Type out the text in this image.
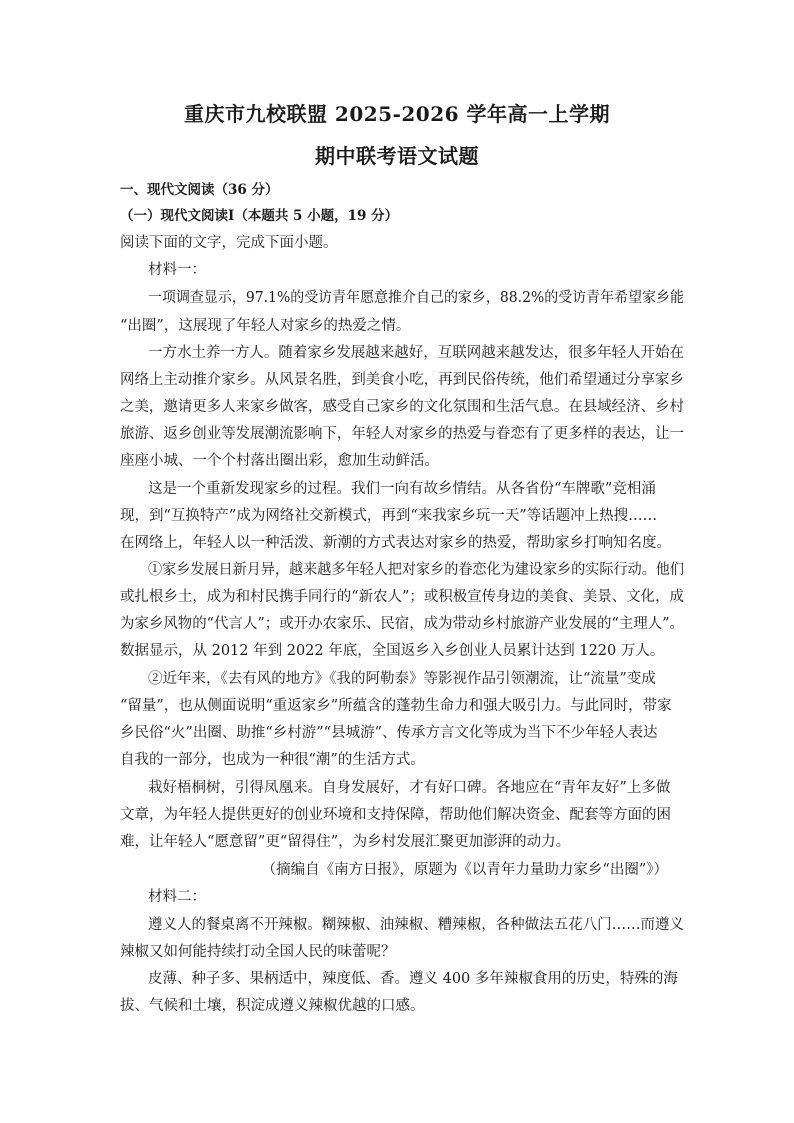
重庆市九校联盟 2025-2026 学年高一上学期
期中联考语文试题
一、现代文阅读（36 分）
（一）现代文阅读Ⅰ（本题共 5 小题，19 分）
阅读下面的文字，完成下面小题。
材料一：
一项调查显示，97.1%的受访青年愿意推介自己的家乡，88.2%的受访青年希望家乡能
“出圈”，这展现了年轻人对家乡的热爱之情。
一方水土养一方人。随着家乡发展越来越好，互联网越来越发达，很多年轻人开始在
网络上主动推介家乡。从风景名胜，到美食小吃，再到民俗传统，他们希望通过分享家乡
之美，邀请更多人来家乡做客，感受自己家乡的文化氛围和生活气息。在县域经济、乡村
旅游、返乡创业等发展潮流影响下，年轻人对家乡的热爱与眷恋有了更多样的表达，让一
座座小城、一个个村落出圈出彩，愈加生动鲜活。
这是一个重新发现家乡的过程。我们一向有故乡情结。从各省份“车牌歌”竞相涌
现，到“互换特产”成为网络社交新模式，再到“来我家乡玩一天”等话题冲上热搜……
在网络上，年轻人以一种活泼、新潮的方式表达对家乡的热爱，帮助家乡打响知名度。
①家乡发展日新月异，越来越多年轻人把对家乡的眷恋化为建设家乡的实际行动。他们
或扎根乡土，成为和村民携手同行的“新农人”；或积极宣传身边的美食、美景、文化，成
为家乡风物的“代言人”；或开办农家乐、民宿，成为带动乡村旅游产业发展的“主理人”。
数据显示，从 2012 年到 2022 年底，全国返乡入乡创业人员累计达到 1220 万人。
②近年来，《去有风的地方》《我的阿勒泰》等影视作品引领潮流，让“流量”变成
“留量”，也从侧面说明“重返家乡”所蕴含的蓬勃生命力和强大吸引力。与此同时，带家
乡民俗“火”出圈、助推“乡村游”“县城游”、传承方言文化等成为当下不少年轻人表达
自我的一部分，也成为一种很“潮”的生活方式。
栽好梧桐树，引得凤凰来。自身发展好，才有好口碑。各地应在“青年友好”上多做
文章，为年轻人提供更好的创业环境和支持保障，帮助他们解决资金、配套等方面的困
难，让年轻人“愿意留”更“留得住”，为乡村发展汇聚更加澎湃的动力。
（摘编自《南方日报》，原题为《以青年力量助力家乡“出圈”》）
材料二：
遵义人的餐桌离不开辣椒。糊辣椒、油辣椒、糟辣椒，各种做法五花八门……而遵义
辣椒又如何能持续打动全国人民的味蕾呢？
皮薄、种子多、果柄适中，辣度低、香。遵义 400 多年辣椒食用的历史，特殊的海
拔、气候和土壤，积淀成遵义辣椒优越的口感。
